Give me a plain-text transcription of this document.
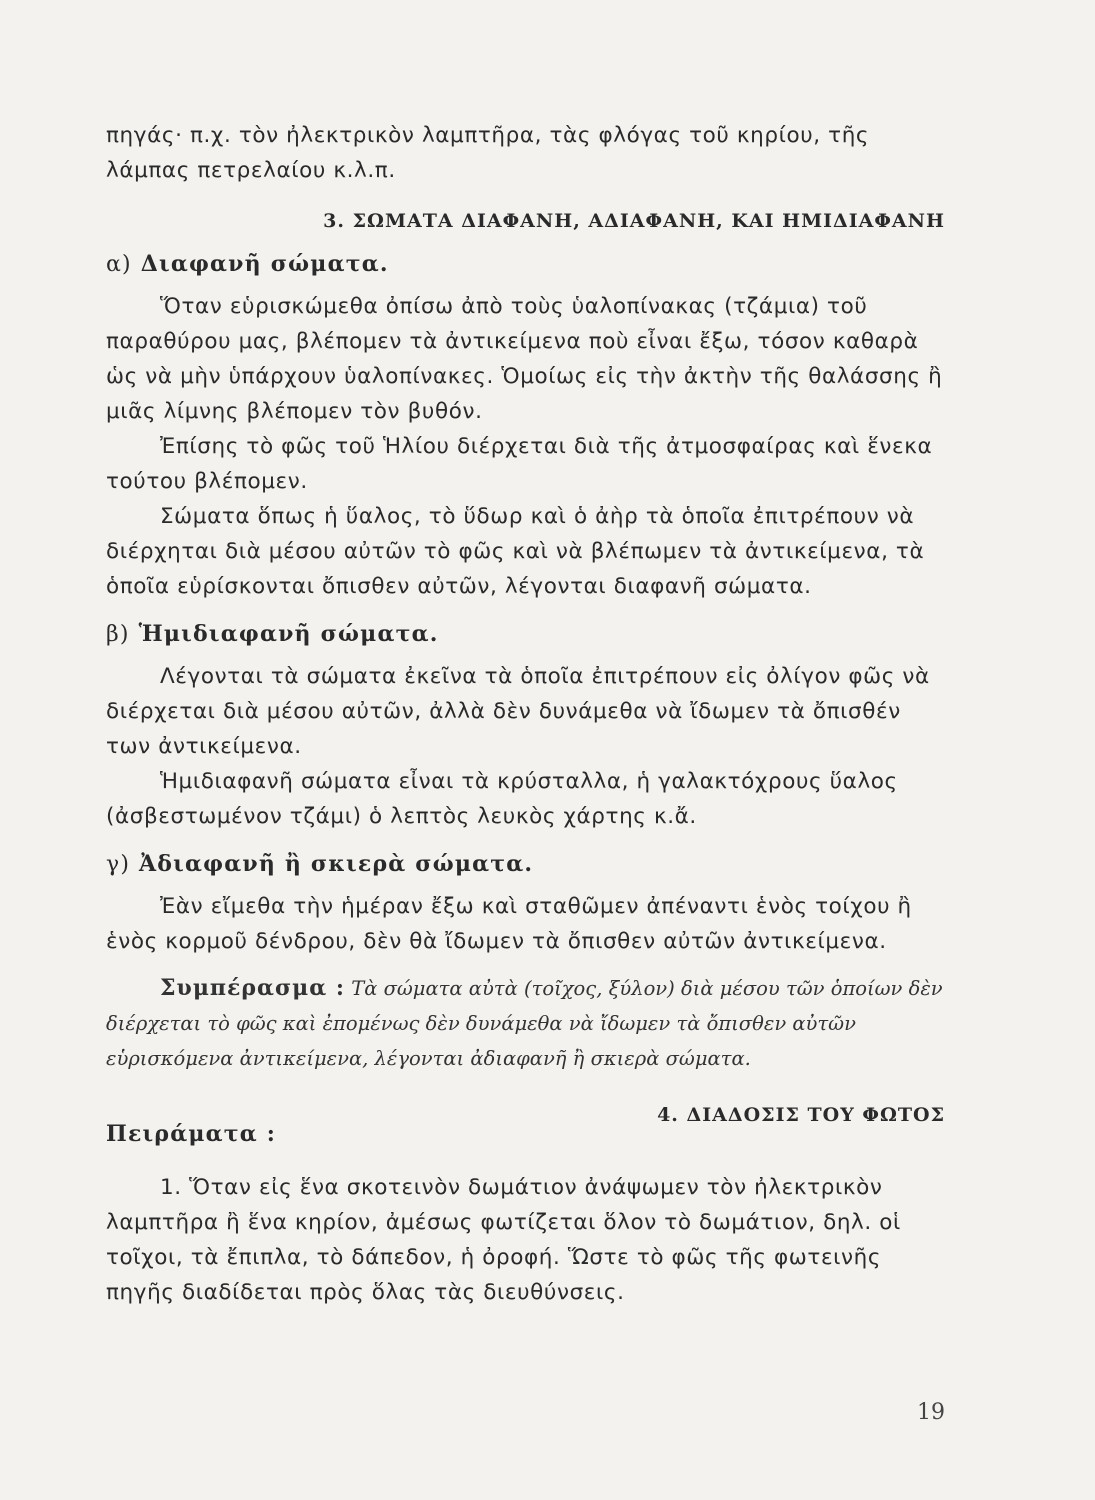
πηγάς· π.χ. τὸν ἠλεκτρικὸν λαμπτῆρα, τὰς φλόγας τοῦ κηρίου, τῆς

λάμπας πετρελαίου κ.λ.π.

3. ΣΩΜΑΤΑ ΔΙΑΦΑΝΗ, ΑΔΙΑΦΑΝΗ, ΚΑΙ ΗΜΙΔΙΑΦΑΝΗ
α) Διαφανῆ σώματα.

Ὅταν εὑρισκώμεθα ὀπίσω ἀπὸ τοὺς ὑαλοπίνακας (τζάμια) τοῦ παραθύρου μας, βλέπομεν τὰ ἀντικείμενα ποὺ εἶναι ἔξω, τόσον καθαρὰ ὡς νὰ μὴν ὑπάρχουν ὑαλοπίνακες. Ὁμοίως εἰς τὴν ἀκτὴν τῆς θαλάσσης ἢ μιᾶς λίμνης βλέπομεν τὸν βυθόν.

Ἐπίσης τὸ φῶς τοῦ Ἡλίου διέρχεται διὰ τῆς ἀτμοσφαίρας καὶ ἕνεκα τούτου βλέπομεν.

Σώματα ὅπως ἡ ὕαλος, τὸ ὕδωρ καὶ ὁ ἀὴρ τὰ ὁποῖα ἐπιτρέπουν νὰ διέρχηται διὰ μέσου αὐτῶν τὸ φῶς καὶ νὰ βλέπωμεν τὰ ἀντικείμενα, τὰ ὁποῖα εὑρίσκονται ὄπισθεν αὐτῶν, λέγονται διαφανῆ σώματα.

β) Ἡμιδιαφανῆ σώματα.

Λέγονται τὰ σώματα ἐκεῖνα τὰ ὁποῖα ἐπιτρέπουν εἰς ὀλίγον φῶς νὰ διέρχεται διὰ μέσου αὐτῶν, ἀλλὰ δὲν δυνάμεθα νὰ ἴδωμεν τὰ ὄπισθέν των ἀντικείμενα.

Ἡμιδιαφανῆ σώματα εἶναι τὰ κρύσταλλα, ἡ γαλακτόχρους ὕαλος (ἀσβεστωμένον τζάμι) ὁ λεπτὸς λευκὸς χάρτης κ.ἄ.

γ) Ἀδιαφανῆ ἢ σκιερὰ σώματα.

Ἐὰν εἴμεθα τὴν ἡμέραν ἔξω καὶ σταθῶμεν ἀπέναντι ἑνὸς τοίχου ἢ ἑνὸς κορμοῦ δένδρου, δὲν θὰ ἴδωμεν τὰ ὄπισθεν αὐτῶν ἀντικείμενα.

Συμπέρασμα : Τὰ σώματα αὐτὰ (τοῖχος, ξύλον) διὰ μέσου τῶν ὁποίων δὲν διέρχεται τὸ φῶς καὶ ἐπομένως δὲν δυνάμεθα νὰ ἴδωμεν τὰ ὄπισθεν αὐτῶν εὑρισκόμενα ἀντικείμενα, λέγονται ἀδιαφανῆ ἢ σκιερὰ σώματα.

Πειράματα :
4. ΔΙΑΔΟΣΙΣ ΤΟΥ ΦΩΤΟΣ

1. Ὅταν εἰς ἕνα σκοτεινὸν δωμάτιον ἀνάψωμεν τὸν ἠλεκτρικὸν λαμπτῆρα ἢ ἕνα κηρίον, ἀμέσως φωτίζεται ὅλον τὸ δωμάτιον, δηλ. οἱ τοῖχοι, τὰ ἔπιπλα, τὸ δάπεδον, ἡ ὀροφή. Ὥστε τὸ φῶς τῆς φωτεινῆς πηγῆς διαδίδεται πρὸς ὅλας τὰς διευθύνσεις.

19
